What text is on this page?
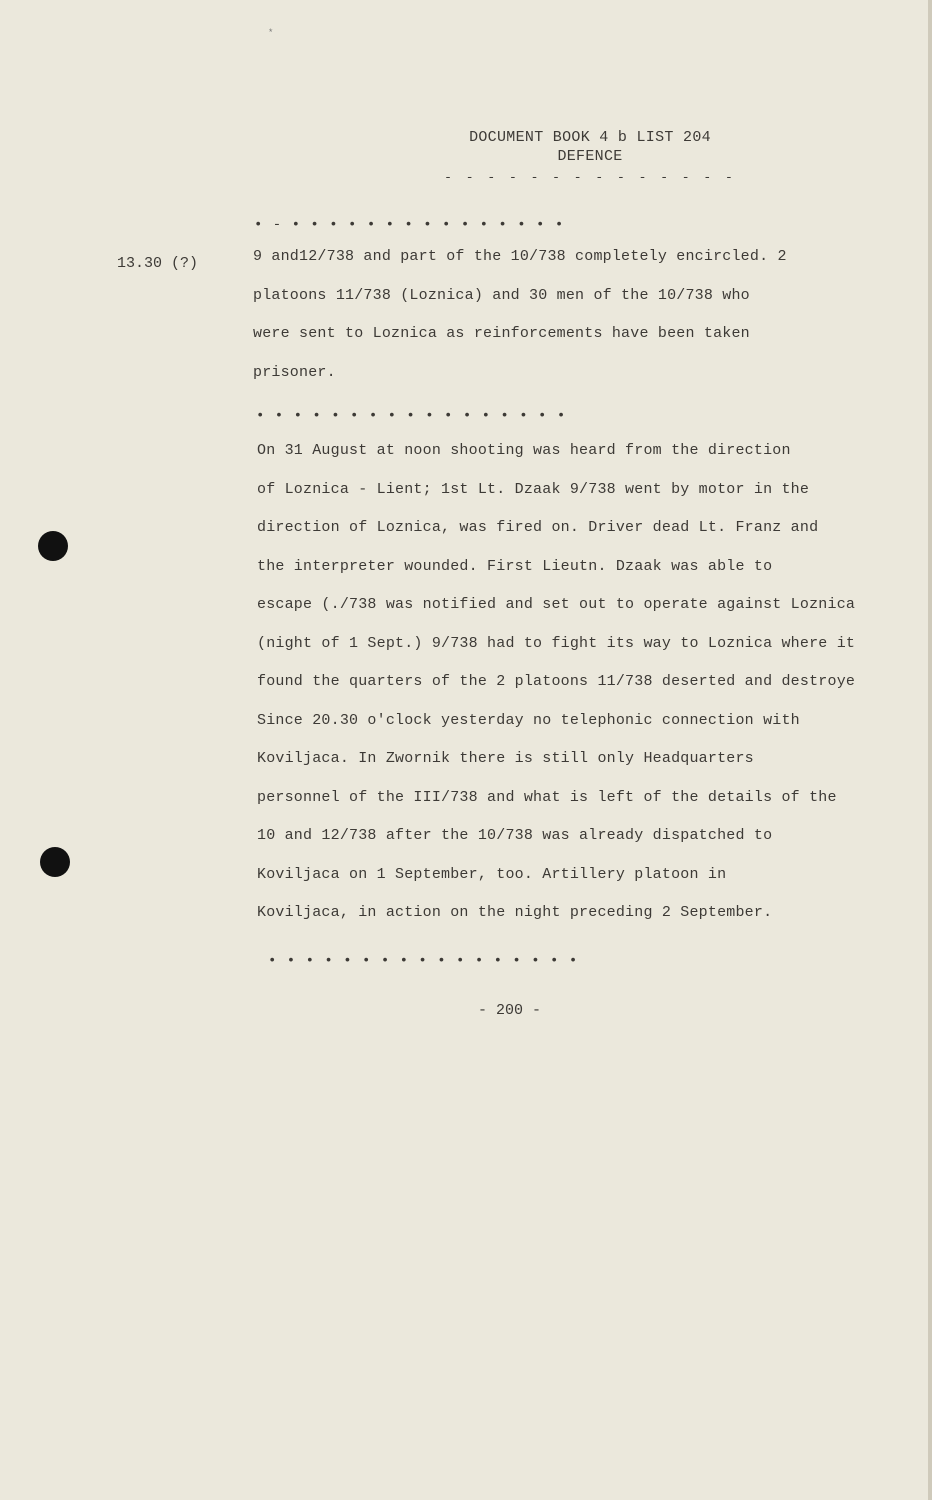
*
DOCUMENT BOOK 4 b LIST 204
DEFENCE
- - - - - - - - - - - - - -
• - • • • • • • • • • • • • • • •
13.30 (?)	9 and12/738 and part of the 10/738 completely encircled. 2
platoons 11/738 (Loznica) and 30 men of the 10/738 who
were sent to Loznica as reinforcements have been taken
prisoner.
• • • • • • • • • • • • • • • • •
On 31 August at noon shooting was heard from the direction
of Loznica - Lient; 1st Lt. Dzaak 9/738 went by motor in the
direction of Loznica, was fired on. Driver dead Lt. Franz and
the interpreter wounded. First Lieutn. Dzaak was able to
escape (./738 was notified and set out to operate against Loznica
(night of 1 Sept.) 9/738 had to fight its way to Loznica where it
found the quarters of the 2 platoons 11/738 deserted and destroye
Since 20.30 o'clock yesterday no telephonic connection with
Koviljaca. In Zwornik there is still only Headquarters
personnel of the III/738 and what is left of the details of the
10 and 12/738 after the 10/738 was already dispatched to
Koviljaca on 1 September, too. Artillery platoon in
Koviljaca, in action on the night preceding 2 September.
• • • • • • • • • • • • • • • • •
- 200 -
